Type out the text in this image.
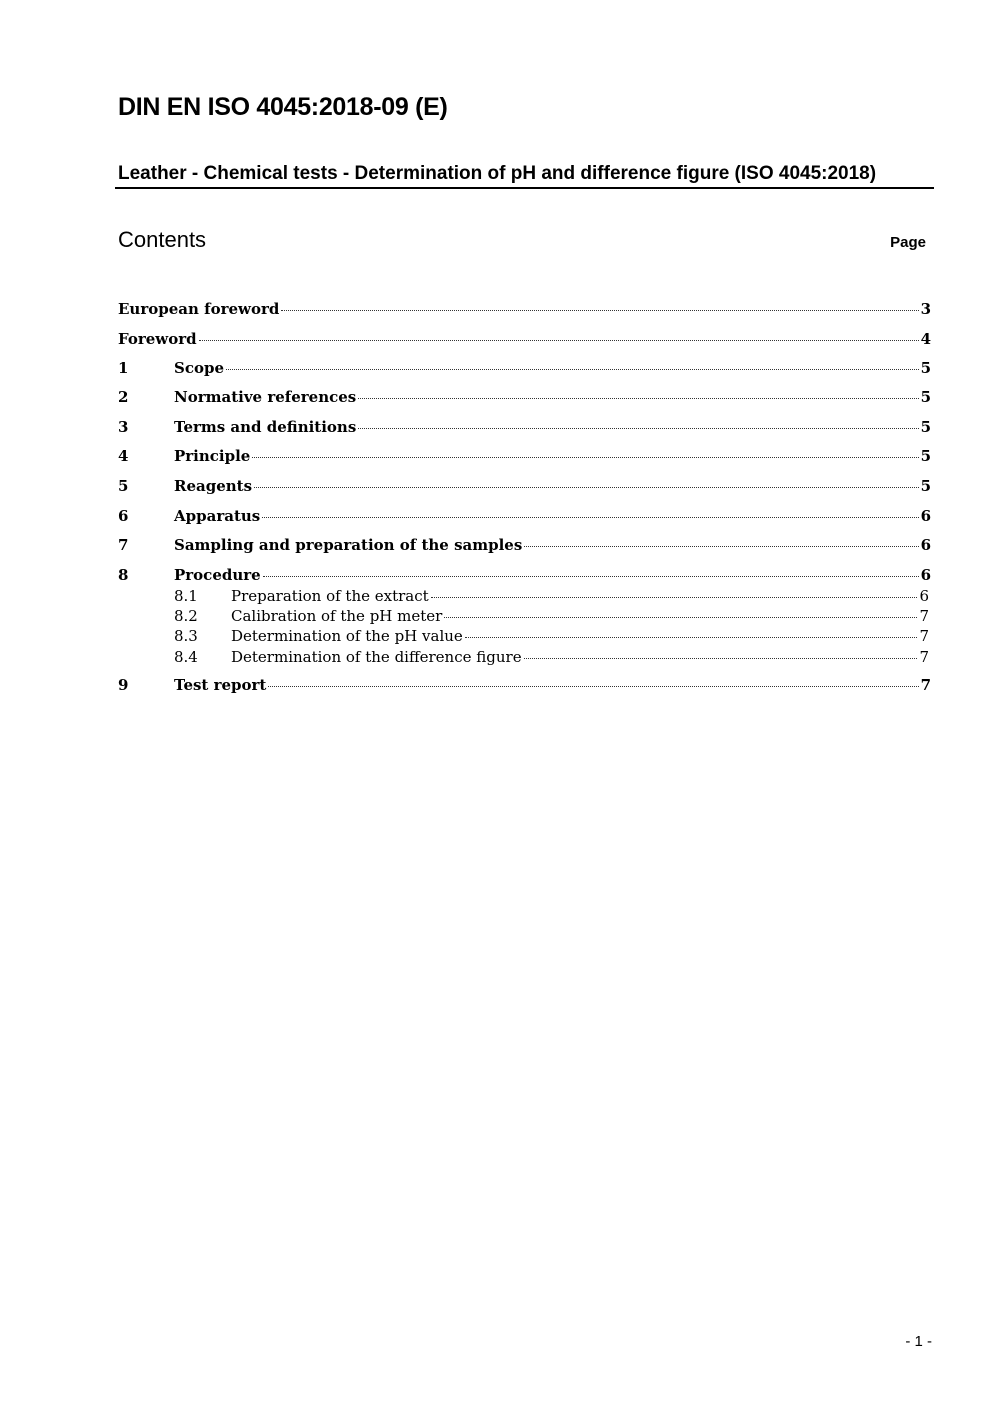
DIN EN ISO 4045:2018-09 (E)
Leather - Chemical tests - Determination of pH and difference figure (ISO 4045:2018)
Contents	Page
European foreword	3
Foreword	4
1	Scope	5
2	Normative references	5
3	Terms and definitions	5
4	Principle	5
5	Reagents	5
6	Apparatus	6
7	Sampling and preparation of the samples	6
8	Procedure	6
8.1	Preparation of the extract	6
8.2	Calibration of the pH meter	7
8.3	Determination of the pH value	7
8.4	Determination of the difference figure	7
9	Test report	7
- 1 -
